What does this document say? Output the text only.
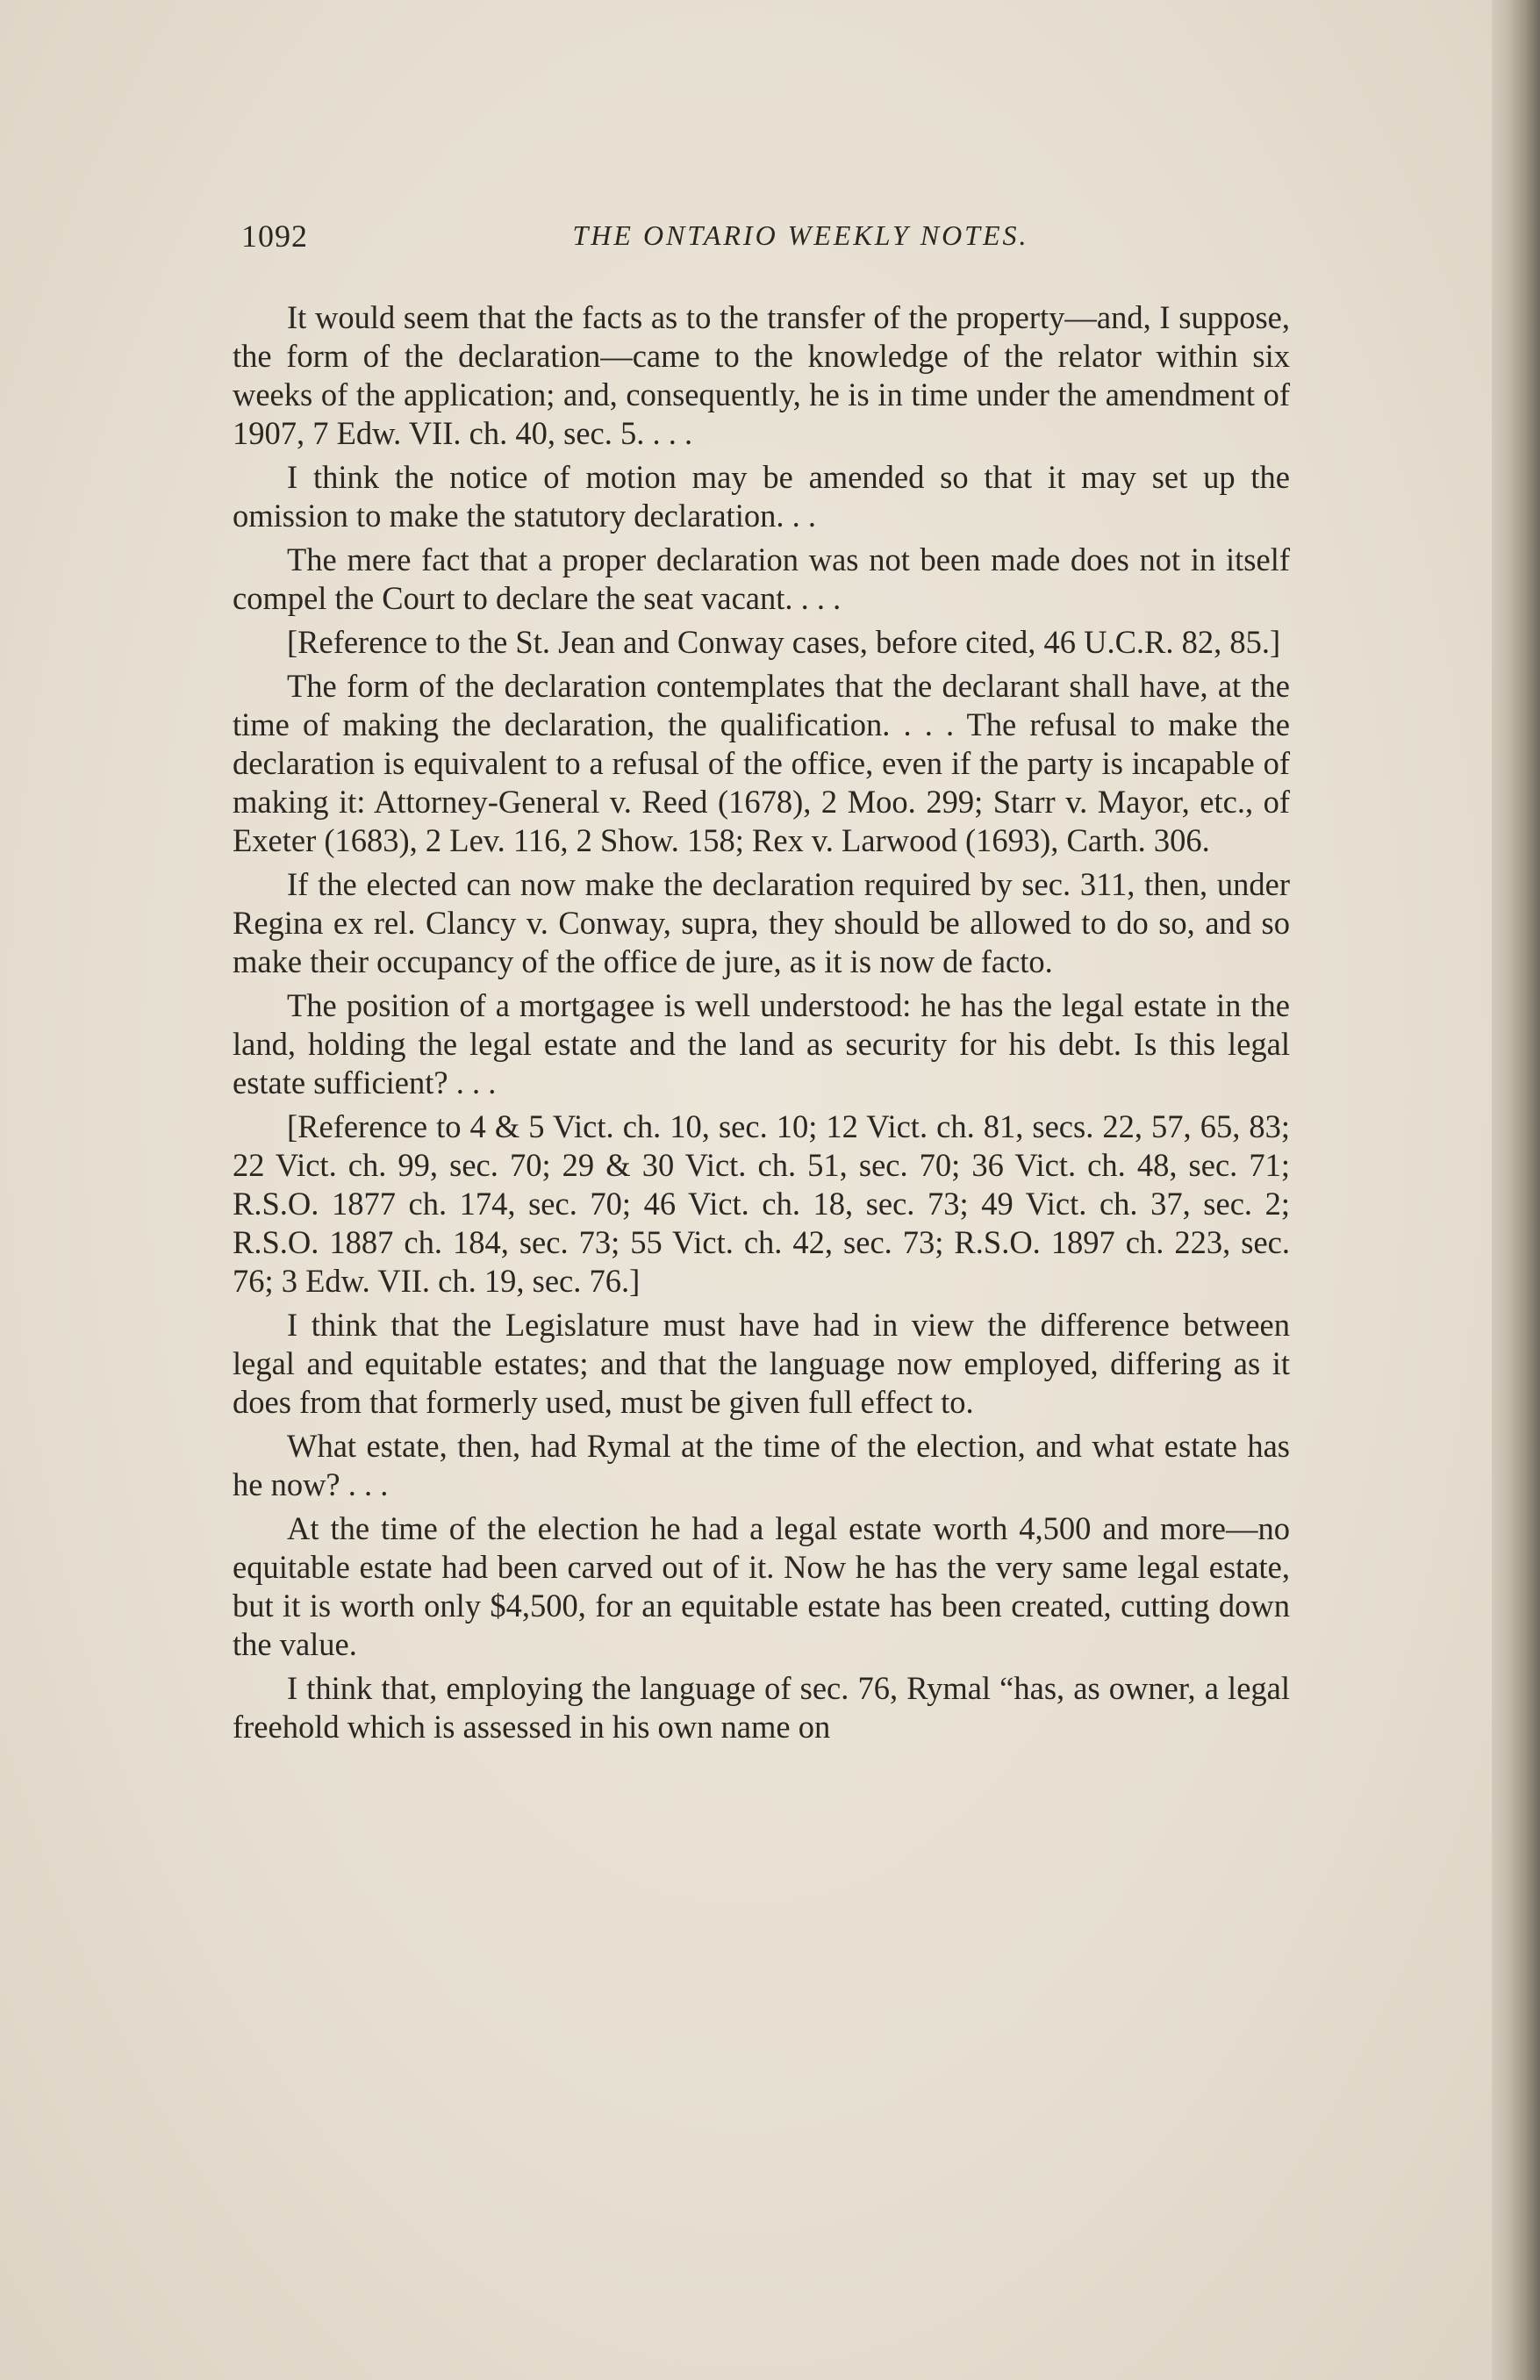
1092	THE ONTARIO WEEKLY NOTES.

It would seem that the facts as to the transfer of the property—and, I suppose, the form of the declaration—came to the knowledge of the relator within six weeks of the application; and, consequently, he is in time under the amendment of 1907, 7 Edw. VII. ch. 40, sec. 5. . . .

I think the notice of motion may be amended so that it may set up the omission to make the statutory declaration. . .

The mere fact that a proper declaration was not been made does not in itself compel the Court to declare the seat vacant. . . .

[Reference to the St. Jean and Conway cases, before cited, 46 U.C.R. 82, 85.]

The form of the declaration contemplates that the declarant shall have, at the time of making the declaration, the qualification. . . . The refusal to make the declaration is equivalent to a refusal of the office, even if the party is incapable of making it: Attorney-General v. Reed (1678), 2 Moo. 299; Starr v. Mayor, etc., of Exeter (1683), 2 Lev. 116, 2 Show. 158; Rex v. Larwood (1693), Carth. 306.

If the elected can now make the declaration required by sec. 311, then, under Regina ex rel. Clancy v. Conway, supra, they should be allowed to do so, and so make their occupancy of the office de jure, as it is now de facto.

The position of a mortgagee is well understood: he has the legal estate in the land, holding the legal estate and the land as security for his debt. Is this legal estate sufficient? . . .

[Reference to 4 & 5 Vict. ch. 10, sec. 10; 12 Vict. ch. 81, secs. 22, 57, 65, 83; 22 Vict. ch. 99, sec. 70; 29 & 30 Vict. ch. 51, sec. 70; 36 Vict. ch. 48, sec. 71; R.S.O. 1877 ch. 174, sec. 70; 46 Vict. ch. 18, sec. 73; 49 Vict. ch. 37, sec. 2; R.S.O. 1887 ch. 184, sec. 73; 55 Vict. ch. 42, sec. 73; R.S.O. 1897 ch. 223, sec. 76; 3 Edw. VII. ch. 19, sec. 76.]

I think that the Legislature must have had in view the difference between legal and equitable estates; and that the language now employed, differing as it does from that formerly used, must be given full effect to.

What estate, then, had Rymal at the time of the election, and what estate has he now? . . .

At the time of the election he had a legal estate worth 4,500 and more—no equitable estate had been carved out of it. Now he has the very same legal estate, but it is worth only $4,500, for an equitable estate has been created, cutting down the value.

I think that, employing the language of sec. 76, Rymal “has, as owner, a legal freehold which is assessed in his own name on
